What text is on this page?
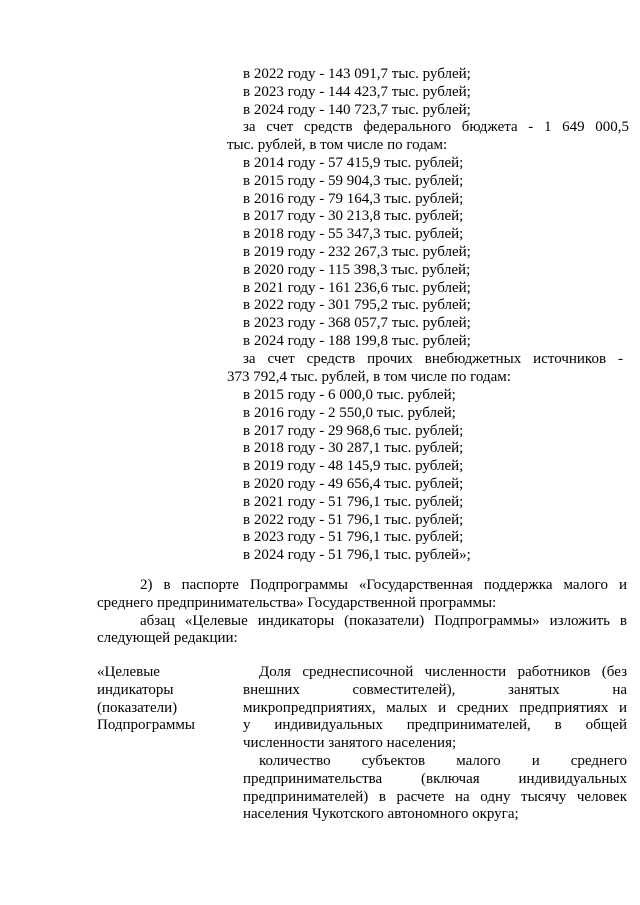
в 2022 году - 143 091,7 тыс. рублей;
в 2023 году - 144 423,7 тыс. рублей;
в 2024 году - 140 723,7 тыс. рублей;
за счет средств федерального бюджета - 1 649 000,5
тыс. рублей, в том числе по годам:
в 2014 году - 57 415,9 тыс. рублей;
в 2015 году - 59 904,3 тыс. рублей;
в 2016 году - 79 164,3 тыс. рублей;
в 2017 году - 30 213,8 тыс. рублей;
в 2018 году - 55 347,3 тыс. рублей;
в 2019 году - 232 267,3 тыс. рублей;
в 2020 году - 115 398,3 тыс. рублей;
в 2021 году - 161 236,6 тыс. рублей;
в 2022 году - 301 795,2 тыс. рублей;
в 2023 году - 368 057,7 тыс. рублей;
в 2024 году - 188 199,8 тыс. рублей;
за счет средств прочих внебюджетных источников -
373 792,4 тыс. рублей, в том числе по годам:
в 2015 году - 6 000,0 тыс. рублей;
в 2016 году - 2 550,0 тыс. рублей;
в 2017 году - 29 968,6 тыс. рублей;
в 2018 году - 30 287,1 тыс. рублей;
в 2019 году - 48 145,9 тыс. рублей;
в 2020 году - 49 656,4 тыс. рублей;
в 2021 году - 51 796,1 тыс. рублей;
в 2022 году - 51 796,1 тыс. рублей;
в 2023 году - 51 796,1 тыс. рублей;
в 2024 году - 51 796,1 тыс. рублей»;
2) в паспорте Подпрограммы «Государственная поддержка малого и
среднего предпринимательства» Государственной программы:
абзац «Целевые индикаторы (показатели) Подпрограммы» изложить в
следующей редакции:
«Целевые
индикаторы
(показатели)
Подпрограммы
Доля среднесписочной численности работников (без
внешних совместителей), занятых на
микропредприятиях, малых и средних предприятиях и
у индивидуальных предпринимателей, в общей
численности занятого населения;
количество субъектов малого и среднего
предпринимательства (включая индивидуальных
предпринимателей) в расчете на одну тысячу человек
населения Чукотского автономного округа;
